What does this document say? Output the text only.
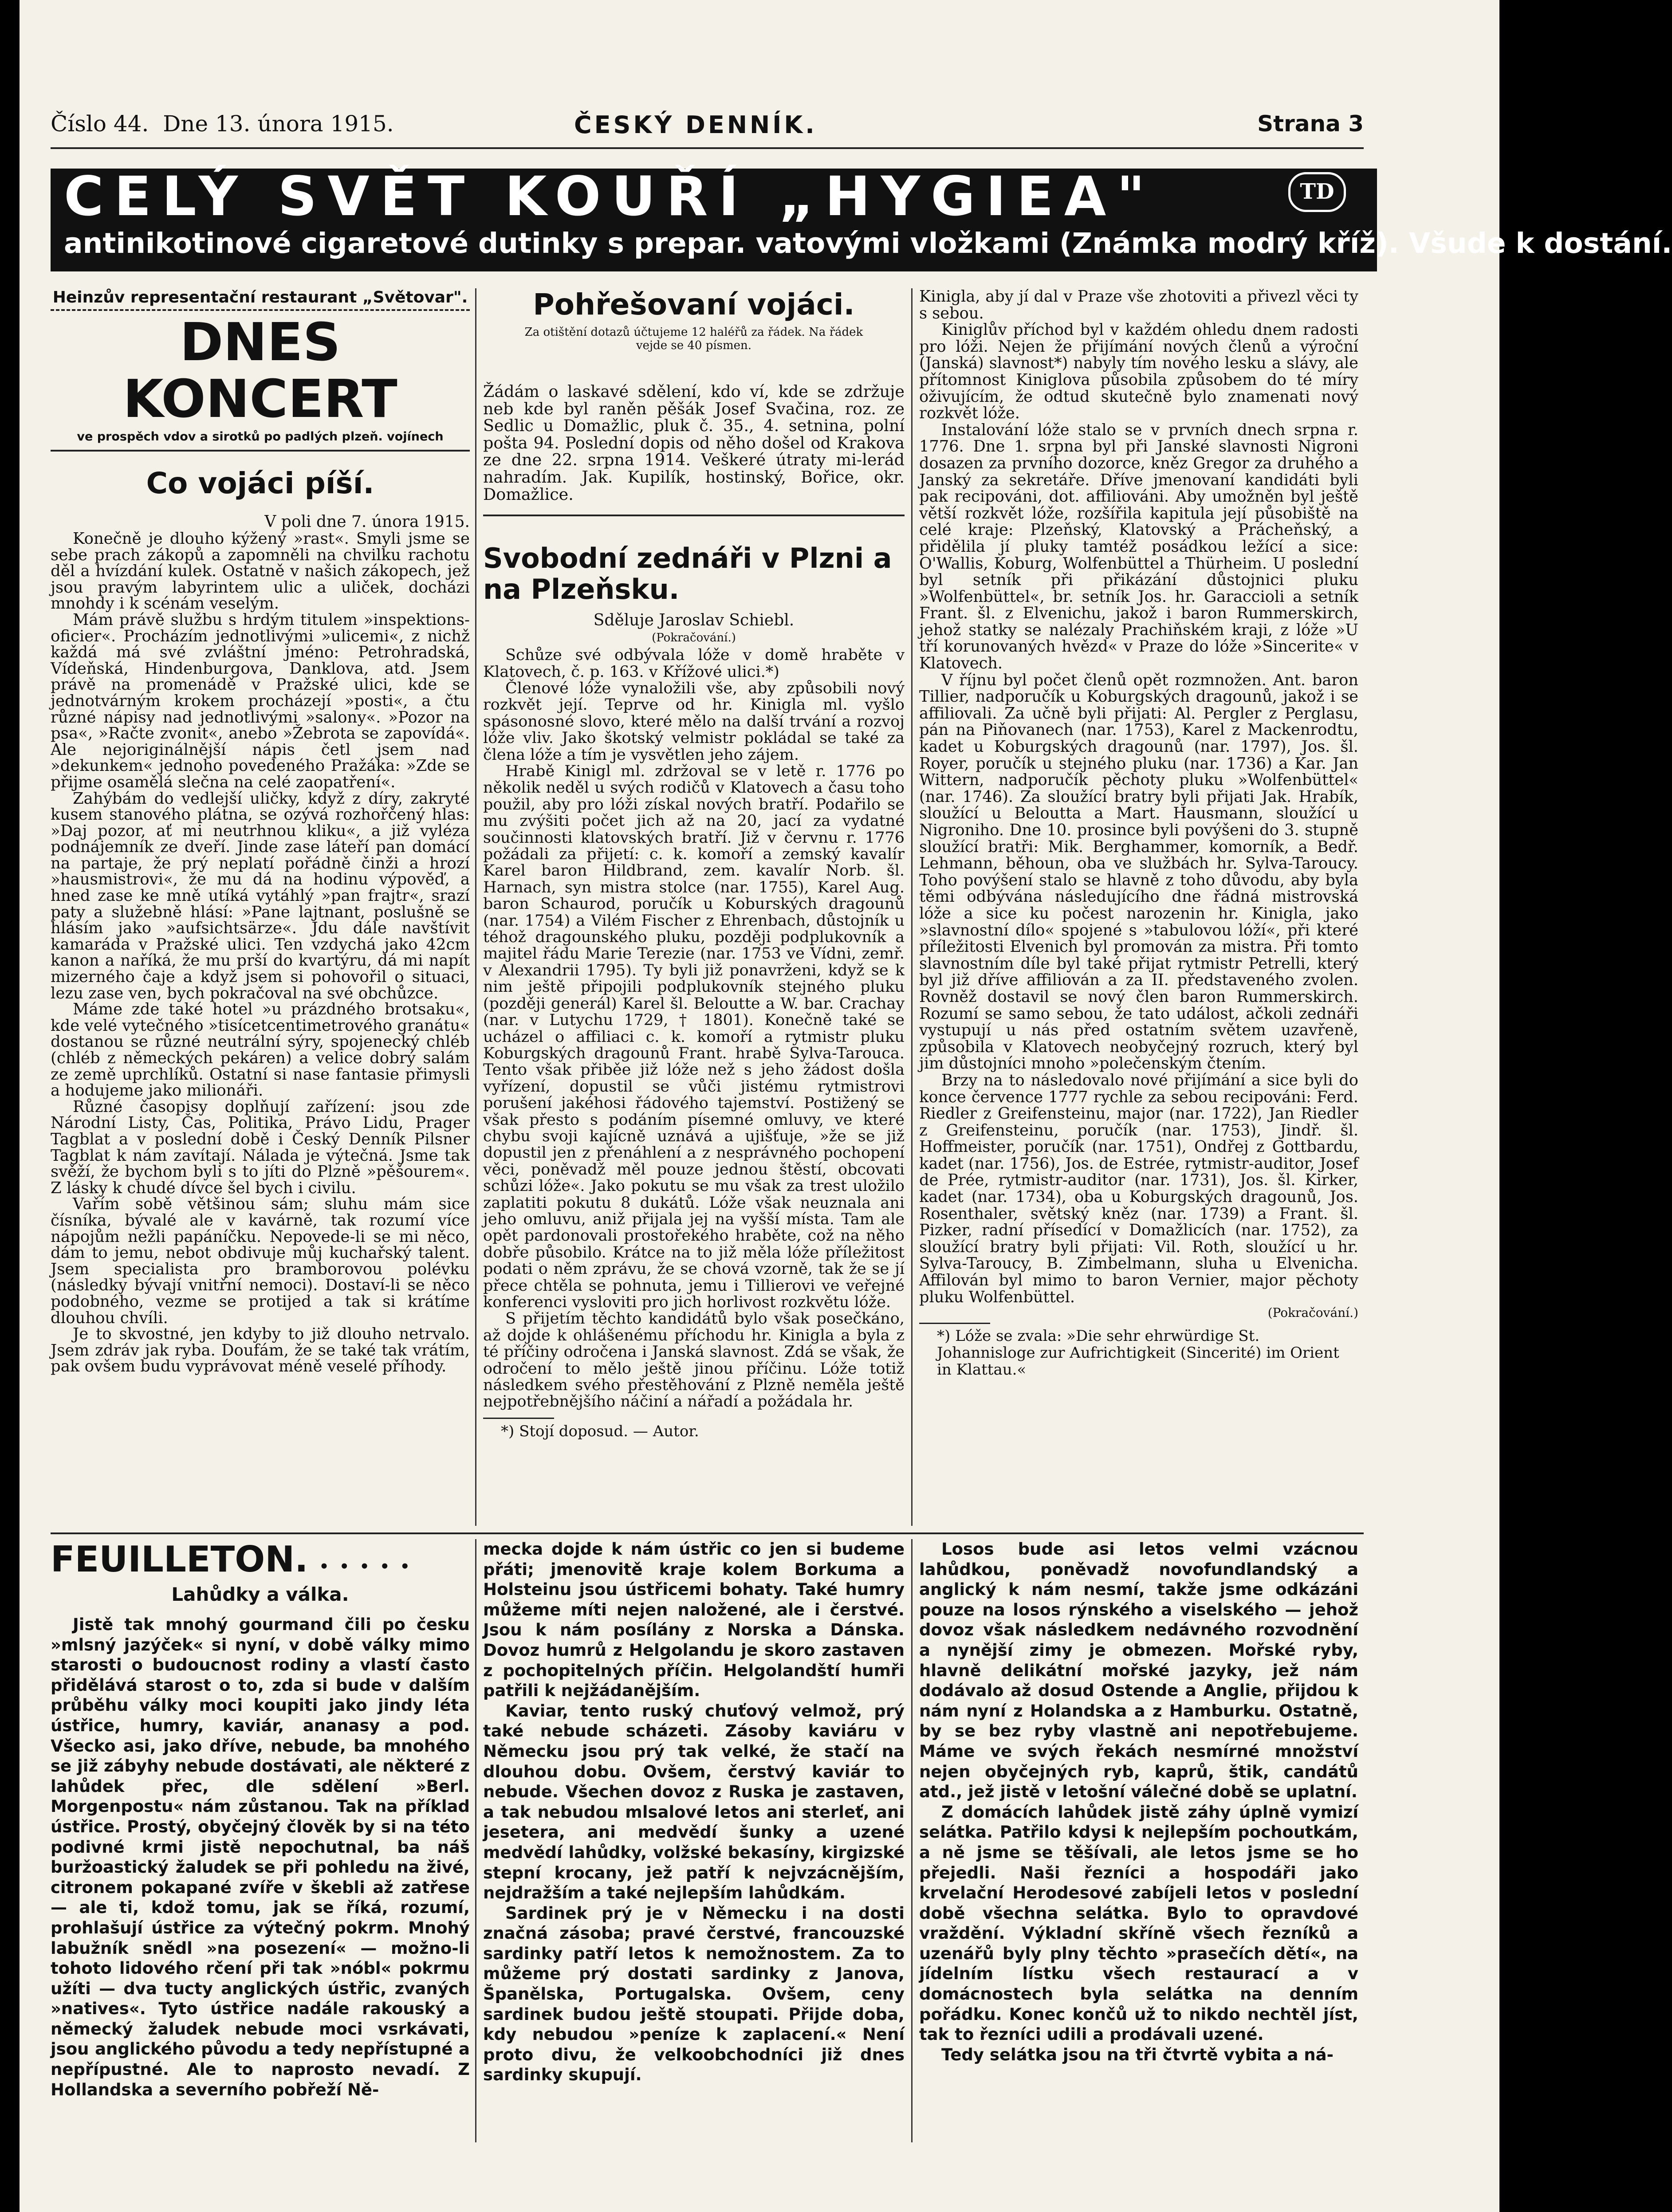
Číslo 44. Dne 13. února 1915.	ČESKÝ DENNÍK.	Strana 3
CELÝ SVĚT KOUŘÍ „HYGIEA"
antinikotinové cigaretové dutinky s prepar. vatovými vložkami (Známka modrý kříž). Všude k dostání.
TD
Heinzův representační restaurant „Světovar".
DNES KONCERT
ve prospěch vdov a sirotků po padlých plzeň. vojínech
Co vojáci píší.
V poli dne 7. února 1915.

Konečně je dlouho kýžený »rast«. Smyli jsme se sebe prach zákopů a zapomněli na chvilku rachotu děl a hvízdání kulek. Ostatně v našich zákopech, jež jsou pravým labyrintem ulic a uliček, docházi mnohdy i k scénám veselým.

Mám právě službu s hrdým titulem »inspektions-oficier«. Procházím jednotlivými »ulicemi«, z nichž každá má své zvláštní jméno: Petrohradská, Vídeňská, Hindenburgova, Danklova, atd. Jsem právě na promenádě v Pražské ulici, kde se jednotvárným krokem procházejí »posti«, a čtu různé nápisy nad jednotlivými »salony«. »Pozor na psa«, »Račte zvonit«, anebo »Žebrota se zapovídá«. Ale nejoriginálnější nápis četl jsem nad »dekunkem« jednoho povedeného Pražáka: »Zde se přijme osamělá slečna na celé zaopatření«.

Zahýbám do vedlejší uličky, když z díry, zakryté kusem stanového plátna, se ozývá rozhořčený hlas: »Daj pozor, ať mi neutrhnou kliku«, a již vyléza podnájemník ze dveří. Jinde zase láteří pan domácí na partaje, že prý neplatí pořádně činži a hrozí »hausmistrovi«, že mu dá na hodinu výpověď, a hned zase ke mně utíká vytáhlý »pan frajtr«, srazí paty a služebně hlásí: »Pane lajtnant, poslušně se hlásím jako »aufsichtsärze«. Jdu dále navštívit kamaráda v Pražské ulici. Ten vzdychá jako 42cm kanon a naříká, že mu prší do kvartýru, dá mi napít mizerného čaje a když jsem si pohovořil o situaci, lezu zase ven, bych pokračoval na své obchůzce.

Máme zde také hotel »u prázdného brotsaku«, kde velé vytečného »tisícetcentimetrového granátu« dostanou se různé neutrální sýry, spojenecký chléb (chléb z německých pekáren) a velice dobrý salám ze země uprchlíků. Ostatní si nase fantasie přimysli a hodujeme jako milionáři.

Různé časopisy doplňují zařízení: jsou zde Národní Listy, Čas, Politika, Právo Lidu, Prager Tagblat a v poslední době i Český Denník Pilsner Tagblat k nám zavítají. Nálada je výtečná. Jsme tak svěží, že bychom byli s to jíti do Plzně »pěšourem«. Z lásky k chudé dívce šel bych i civilu.

Vařím sobě většinou sám; sluhu mám sice čísníka, bývalé ale v kavárně, tak rozumí více nápojům nežli papáníčku. Nepovede-li se mi něco, dám to jemu, nebot obdivuje můj kuchařský talent. Jsem specialista pro bramborovou polévku (následky bývají vnitřní nemoci). Dostaví-li se něco podobného, vezme se protijed a tak si krátíme dlouhou chvíli.

Je to skvostné, jen kdyby to již dlouho netrvalo. Jsem zdráv jak ryba. Doufám, že se také tak vrátím, pak ovšem budu vyprávovat méně veselé příhody.

Pohřešovaní vojáci.
Za otištění dotazů účtujeme 12 haléřů za řádek. Na řádek vejde se 40 písmen.

Žádám o laskavé sdělení, kdo ví, kde se zdržuje neb kde byl raněn pěšák Josef Svačina, roz. ze Sedlic u Domažlic, pluk č. 35., 4. setnina, polní pošta 94. Poslední dopis od něho došel od Krakova ze dne 22. srpna 1914. Veškeré útraty mi-lerád nahradím. Jak. Kupilík, hostinský, Bořice, okr. Domažlice.

Svobodní zednáři v Plzni a na Plzeňsku.
Sděluje Jaroslav Schiebl.
(Pokračování.)

Schůze své odbývala lóže v domě hraběte v Klatovech, č. p. 163. v Křížové ulici.*)

Členové lóže vynaložili vše, aby způsobili nový rozkvět její. Teprve od hr. Kinigla ml. vyšlo spásonosné slovo, které mělo na další trvání a rozvoj lóže vliv. Jako škotský velmistr pokládal se také za člena lóže a tím je vysvětlen jeho zájem.

Hrabě Kinigl ml. zdržoval se v letě r. 1776 po několik neděl u svých rodičů v Klatovech a času toho použil, aby pro lóži získal nových bratří. Podařilo se mu zvýšiti počet jich až na 20, jací za vydatné součinnosti klatovských bratří. Již v červnu r. 1776 požádali za přijetí: c. k. komoří a zemský kavalír Karel baron Hildbrand, zem. kavalír Norb. šl. Harnach, syn mistra stolce (nar. 1755), Karel Aug. baron Schaurod, poručík u Koburských dragounů (nar. 1754) a Vilém Fischer z Ehrenbach, důstojník u téhož dragounského pluku, později podplukovník a majitel řádu Marie Terezie (nar. 1753 ve Vídni, zemř. v Alexandrii 1795). Ty byli již ponavrženi, když se k nim ještě připojili podplukovník stejného pluku (později generál) Karel šl. Beloutte a W. bar. Crachay (nar. v Lutychu 1729, † 1801). Konečně také se ucházel o affiliaci c. k. komoří a rytmistr pluku Koburgských dragounů Frant. hrabě Sylva-Tarouca. Tento však přiběe již lóže než s jeho žádost došla vyřízení, dopustil se vůči jistému rytmistrovi porušení jakéhosi řádového tajemství. Postižený se však přesto s podáním písemné omluvy, ve které chybu svoji kajícně uznává a ujišťuje, »že se již dopustil jen z přenáhlení a z nesprávného pochopení věci, poněvadž měl pouze jednou štěstí, obcovati schůzi lóže«. Jako pokutu se mu však za trest uložilo zaplatiti pokutu 8 dukátů. Lóže však neuznala ani jeho omluvu, aniž přijala jej na vyšší místa. Tam ale opět pardonovali prostořekého hraběte, což na něho dobře působilo. Krátce na to již měla lóže příležitost podati o něm zprávu, že se chová vzorně, tak že se jí přece chtěla se pohnuta, jemu i Tillierovi ve veřejné konferenci vysloviti pro jich horlivost rozkvětu lóže.

S přijetím těchto kandidátů bylo však posečkáno, až dojde k ohlášenému příchodu hr. Kinigla a byla z té příčiny odročena i Janská slavnost. Zdá se však, že odročení to mělo ještě jinou příčinu. Lóže totiž následkem svého přestěhování z Plzně neměla ještě nejpotřebnějšího náčiní a nářadí a požádala hr.

*) Stojí doposud. — Autor.

Kinigla, aby jí dal v Praze vše zhotoviti a přivezl věci ty s sebou.

Kiniglův příchod byl v každém ohledu dnem radosti pro lóži. Nejen že přijímání nových členů a výroční (Janská) slavnost*) nabyly tím nového lesku a slávy, ale přítomnost Kiniglova působila způsobem do té míry oživujícím, že odtud skutečně bylo znamenati nový rozkvět lóže.

Instalování lóže stalo se v prvních dnech srpna r. 1776. Dne 1. srpna byl při Janské slavnosti Nigroni dosazen za prvního dozorce, kněz Gregor za druhého a Janský za sekretáře. Dříve jmenovaní kandidáti byli pak recipováni, dot. affiliováni. Aby umožněn byl ještě větší rozkvět lóže, rozšířila kapitula její působiště na celé kraje: Plzeňský, Klatovský a Prácheňský, a přidělila jí pluky tamtéž posádkou ležící a sice: O'Wallis, Koburg, Wolfenbüttel a Thürheim. U poslední byl setník při přikázání důstojnici pluku »Wolfenbüttel«, br. setník Jos. hr. Garaccioli a setník Frant. šl. z Elvenichu, jakož i baron Rummerskirch, jehož statky se nalézaly Prachiňském kraji, z lóže »U tří korunovaných hvězd« v Praze do lóže »Sincerite« v Klatovech.

V říjnu byl počet členů opět rozmnožen. Ant. baron Tillier, nadporučík u Koburgských dragounů, jakož i se affiliovali. Za učně byli přijati: Al. Pergler z Perglasu, pán na Piňovanech (nar. 1753), Karel z Mackenrodtu, kadet u Koburgských dragounů (nar. 1797), Jos. šl. Royer, poručík u stejného pluku (nar. 1736) a Kar. Jan Wittern, nadporučík pěchoty pluku »Wolfenbüttel« (nar. 1746). Za sloužící bratry byli přijati Jak. Hrabík, sloužící u Beloutta a Mart. Hausmann, sloužící u Nigroniho. Dne 10. prosince byli povýšeni do 3. stupně sloužící bratři: Mik. Berghammer, komorník, a Bedř. Lehmann, běhoun, oba ve službách hr. Sylva-Taroucy. Toho povýšení stalo se hlavně z toho důvodu, aby byla těmi odbývána následujícího dne řádná mistrovská lóže a sice ku počest narozenin hr. Kinigla, jako »slavnostní dílo« spojené s »tabulovou lóží«, při které příležitosti Elvenich byl promován za mistra. Při tomto slavnostním díle byl také přijat rytmistr Petrelli, který byl již dříve affiliován a za II. představeného zvolen. Rovněž dostavil se nový člen baron Rummerskirch. Rozumí se samo sebou, že tato událost, ačkoli zednáři vystupují u nás před ostatním světem uzavřeně, způsobila v Klatovech neobyčejný rozruch, který byl jim důstojníci mnoho »polečenským čtením.

Brzy na to následovalo nové přijímání a sice byli do konce července 1777 rychle za sebou recipováni: Ferd. Riedler z Greifensteinu, major (nar. 1722), Jan Riedler z Greifensteinu, poručík (nar. 1753), Jindř. šl. Hoffmeister, poručík (nar. 1751), Ondřej z Gottbardu, kadet (nar. 1756), Jos. de Estrée, rytmistr-auditor, Josef de Prée, rytmistr-auditor (nar. 1731), Jos. šl. Kirker, kadet (nar. 1734), oba u Koburgských dragounů, Jos. Rosenthaler, světský kněz (nar. 1739) a Frant. šl. Pizker, radní přísedící v Domažlicích (nar. 1752), za sloužící bratry byli přijati: Vil. Roth, sloužící u hr. Sylva-Taroucy, B. Zimbelmann, sluha u Elvenicha. Affilován byl mimo to baron Vernier, major pěchoty pluku Wolfenbüttel.

(Pokračování.)
*) Lóže se zvala: »Die sehr ehrwürdige St. Johannisloge zur Aufrichtigkeit (Sincerité) im Orient in Klattau.«
FEUILLETON. • • • • •
Lahůdky a válka.

Jistě tak mnohý gourmand čili po česku »mlsný jazýček« si nyní, v době války mimo starosti o budoucnost rodiny a vlastí často přidělává starost o to, zda si bude v dalším průběhu války moci koupiti jako jindy léta ústřice, humry, kaviár, ananasy a pod. Všecko asi, jako dříve, nebude, ba mnohého se již zábyhy nebude dostávati, ale některé z lahůdek přec, dle sdělení »Berl. Morgenpostu« nám zůstanou. Tak na příklad ústřice. Prostý, obyčejný člověk by si na této podivné krmi jistě nepochutnal, ba náš buržoastický žaludek se při pohledu na živé, citronem pokapané zvíře v škebli až zatřese — ale ti, kdož tomu, jak se říká, rozumí, prohlašují ústřice za výtečný pokrm. Mnohý labužník snědl »na posezení« — možno-li tohoto lidového rčení při tak »nóbl« pokrmu užíti — dva tucty anglických ústřic, zvaných »natives«. Tyto ústřice nadále rakouský a německý žaludek nebude moci vsrkávati, jsou anglického původu a tedy nepřístupné a nepřípustné. Ale to naprosto nevadí. Z Hollandska a severního pobřeží Ně-

mecka dojde k nám ústřic co jen si budeme přáti; jmenovitě kraje kolem Borkuma a Holsteinu jsou ústřicemi bohaty. Také humry můžeme míti nejen naložené, ale i čerstvé. Jsou k nám posílány z Norska a Dánska. Dovoz humrů z Helgolandu je skoro zastaven z pochopitelných příčin. Helgolandští humři patřili k nejžádanějším.

Kaviar, tento ruský chuťový velmož, prý také nebude scházeti. Zásoby kaviáru v Německu jsou prý tak velké, že stačí na dlouhou dobu. Ovšem, čerstvý kaviár to nebude. Všechen dovoz z Ruska je zastaven, a tak nebudou mlsalové letos ani sterleť, ani jesetera, ani medvědí šunky a uzené medvědí lahůdky, volžské bekasíny, kirgizské stepní krocany, jež patří k nejvzácnějším, nejdražším a také nejlepším lahůdkám.

Sardinek prý je v Německu i na dosti značná zásoba; pravé čerstvé, francouzské sardinky patří letos k nemožnostem. Za to můžeme prý dostati sardinky z Janova, Španělska, Portugalska. Ovšem, ceny sardinek budou ještě stoupati. Přijde doba, kdy nebudou »peníze k zaplacení.« Není proto divu, že velkoobchodníci již dnes sardinky skupují.

Losos bude asi letos velmi vzácnou lahůdkou, poněvadž novofundlandský a anglický k nám nesmí, takže jsme odkázáni pouze na losos rýnského a viselského — jehož dovoz však následkem nedávného rozvodnění a nynější zimy je obmezen. Mořské ryby, hlavně delikátní mořské jazyky, jež nám dodávalo až dosud Ostende a Anglie, přijdou k nám nyní z Holandska a z Hamburku. Ostatně, by se bez ryby vlastně ani nepotřebujeme. Máme ve svých řekách nesmírné množství nejen obyčejných ryb, kaprů, štik, candátů atd., jež jistě v letošní válečné době se uplatní.

Z domácích lahůdek jistě záhy úplně vymizí selátka. Patřilo kdysi k nejlepším pochoutkám, a ně jsme se těšívali, ale letos jsme se ho přejedli. Naši řezníci a hospodáři jako krvelační Herodesové zabíjeli letos v poslední době všechna selátka. Bylo to opravdové vraždění. Výkladní skříně všech řezníků a uzenářů byly plny těchto »prasečích dětí«, na jídelním lístku všech restaurací a v domácnostech byla selátka na denním pořádku. Konec končů už to nikdo nechtěl jíst, tak to řezníci udili a prodávali uzené.

Tedy selátka jsou na tři čtvrtě vybita a ná-
